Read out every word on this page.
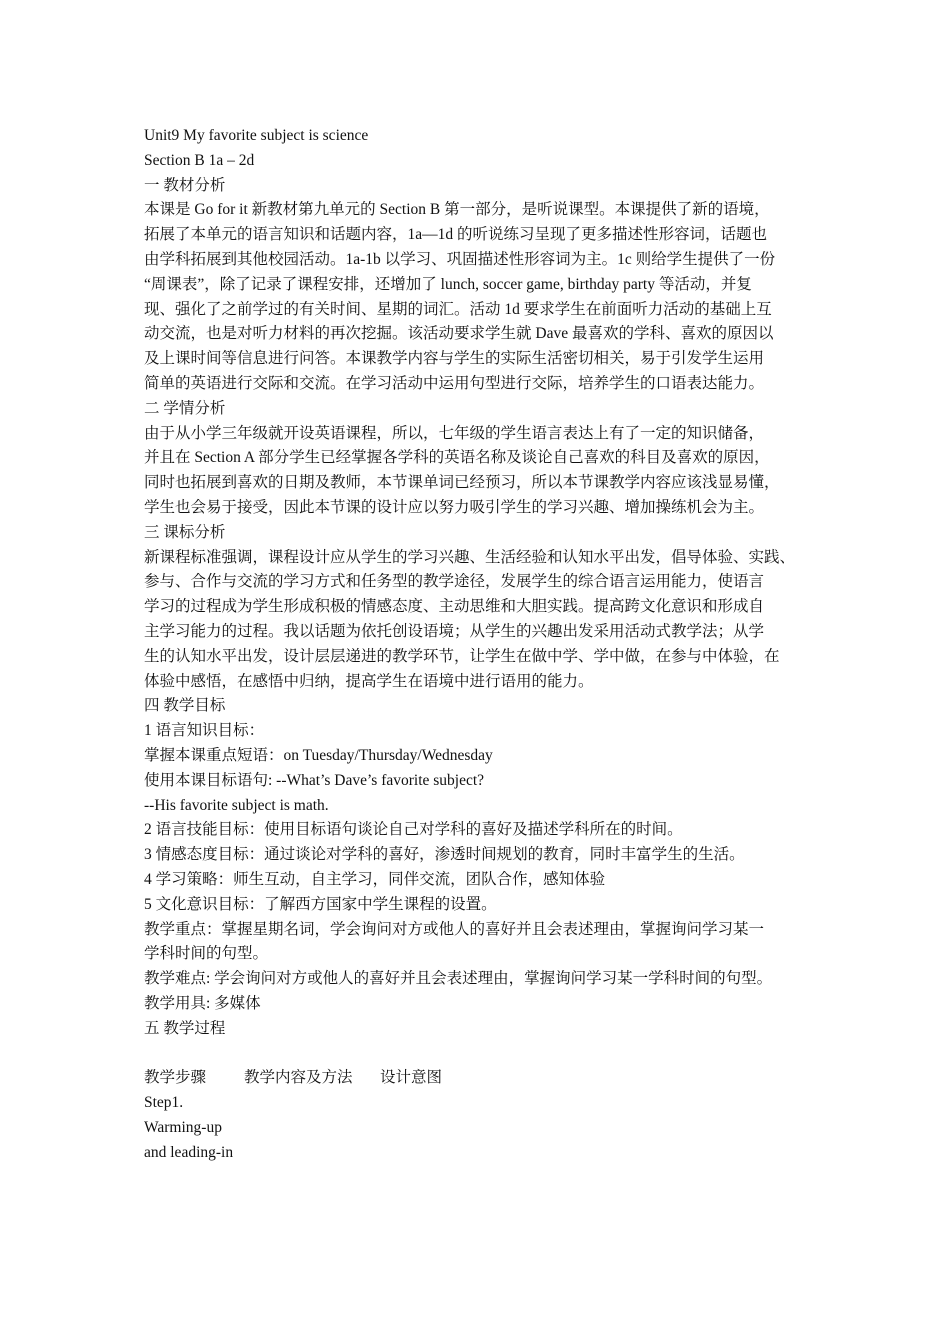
Unit9 My favorite subject is science
Section B 1a – 2d
一 教材分析
本课是 Go for it 新教材第九单元的 Section B 第一部分，是听说课型。本课提供了新的语境，
拓展了本单元的语言知识和话题内容，1a—1d 的听说练习呈现了更多描述性形容词，话题也
由学科拓展到其他校园活动。1a-1b 以学习、巩固描述性形容词为主。1c 则给学生提供了一份
“周课表”，除了记录了课程安排，还增加了 lunch, soccer game, birthday party 等活动，并复
现、强化了之前学过的有关时间、星期的词汇。活动 1d 要求学生在前面听力活动的基础上互
动交流，也是对听力材料的再次挖掘。该活动要求学生就 Dave 最喜欢的学科、喜欢的原因以
及上课时间等信息进行问答。本课教学内容与学生的实际生活密切相关，易于引发学生运用
简单的英语进行交际和交流。在学习活动中运用句型进行交际，培养学生的口语表达能力。
二 学情分析
由于从小学三年级就开设英语课程，所以，七年级的学生语言表达上有了一定的知识储备，
并且在 Section A 部分学生已经掌握各学科的英语名称及谈论自己喜欢的科目及喜欢的原因，
同时也拓展到喜欢的日期及教师，本节课单词已经预习，所以本节课教学内容应该浅显易懂，
学生也会易于接受，因此本节课的设计应以努力吸引学生的学习兴趣、增加操练机会为主。
三 课标分析
新课程标准强调，课程设计应从学生的学习兴趣、生活经验和认知水平出发，倡导体验、实践、
参与、合作与交流的学习方式和任务型的教学途径，发展学生的综合语言运用能力，使语言
学习的过程成为学生形成积极的情感态度、主动思维和大胆实践。提高跨文化意识和形成自
主学习能力的过程。我以话题为依托创设语境；从学生的兴趣出发采用活动式教学法；从学
生的认知水平出发，设计层层递进的教学环节，让学生在做中学、学中做，在参与中体验，在
体验中感悟，在感悟中归纳，提高学生在语境中进行语用的能力。
四 教学目标
1 语言知识目标：
掌握本课重点短语：on Tuesday/Thursday/Wednesday
使用本课目标语句: --What’s Dave’s favorite subject?
--His favorite subject is math.
2 语言技能目标：使用目标语句谈论自己对学科的喜好及描述学科所在的时间。
3 情感态度目标：通过谈论对学科的喜好，渗透时间规划的教育，同时丰富学生的生活。
4 学习策略：师生互动，自主学习，同伴交流，团队合作，感知体验
5 文化意识目标：了解西方国家中学生课程的设置。
教学重点：掌握星期名词，学会询问对方或他人的喜好并且会表述理由，掌握询问学习某一
学科时间的句型。
教学难点: 学会询问对方或他人的喜好并且会表述理由，掌握询问学习某一学科时间的句型。
教学用具: 多媒体
五 教学过程
教学步骤 教学内容及方法 设计意图
Step1.
Warming-up
and leading-in
